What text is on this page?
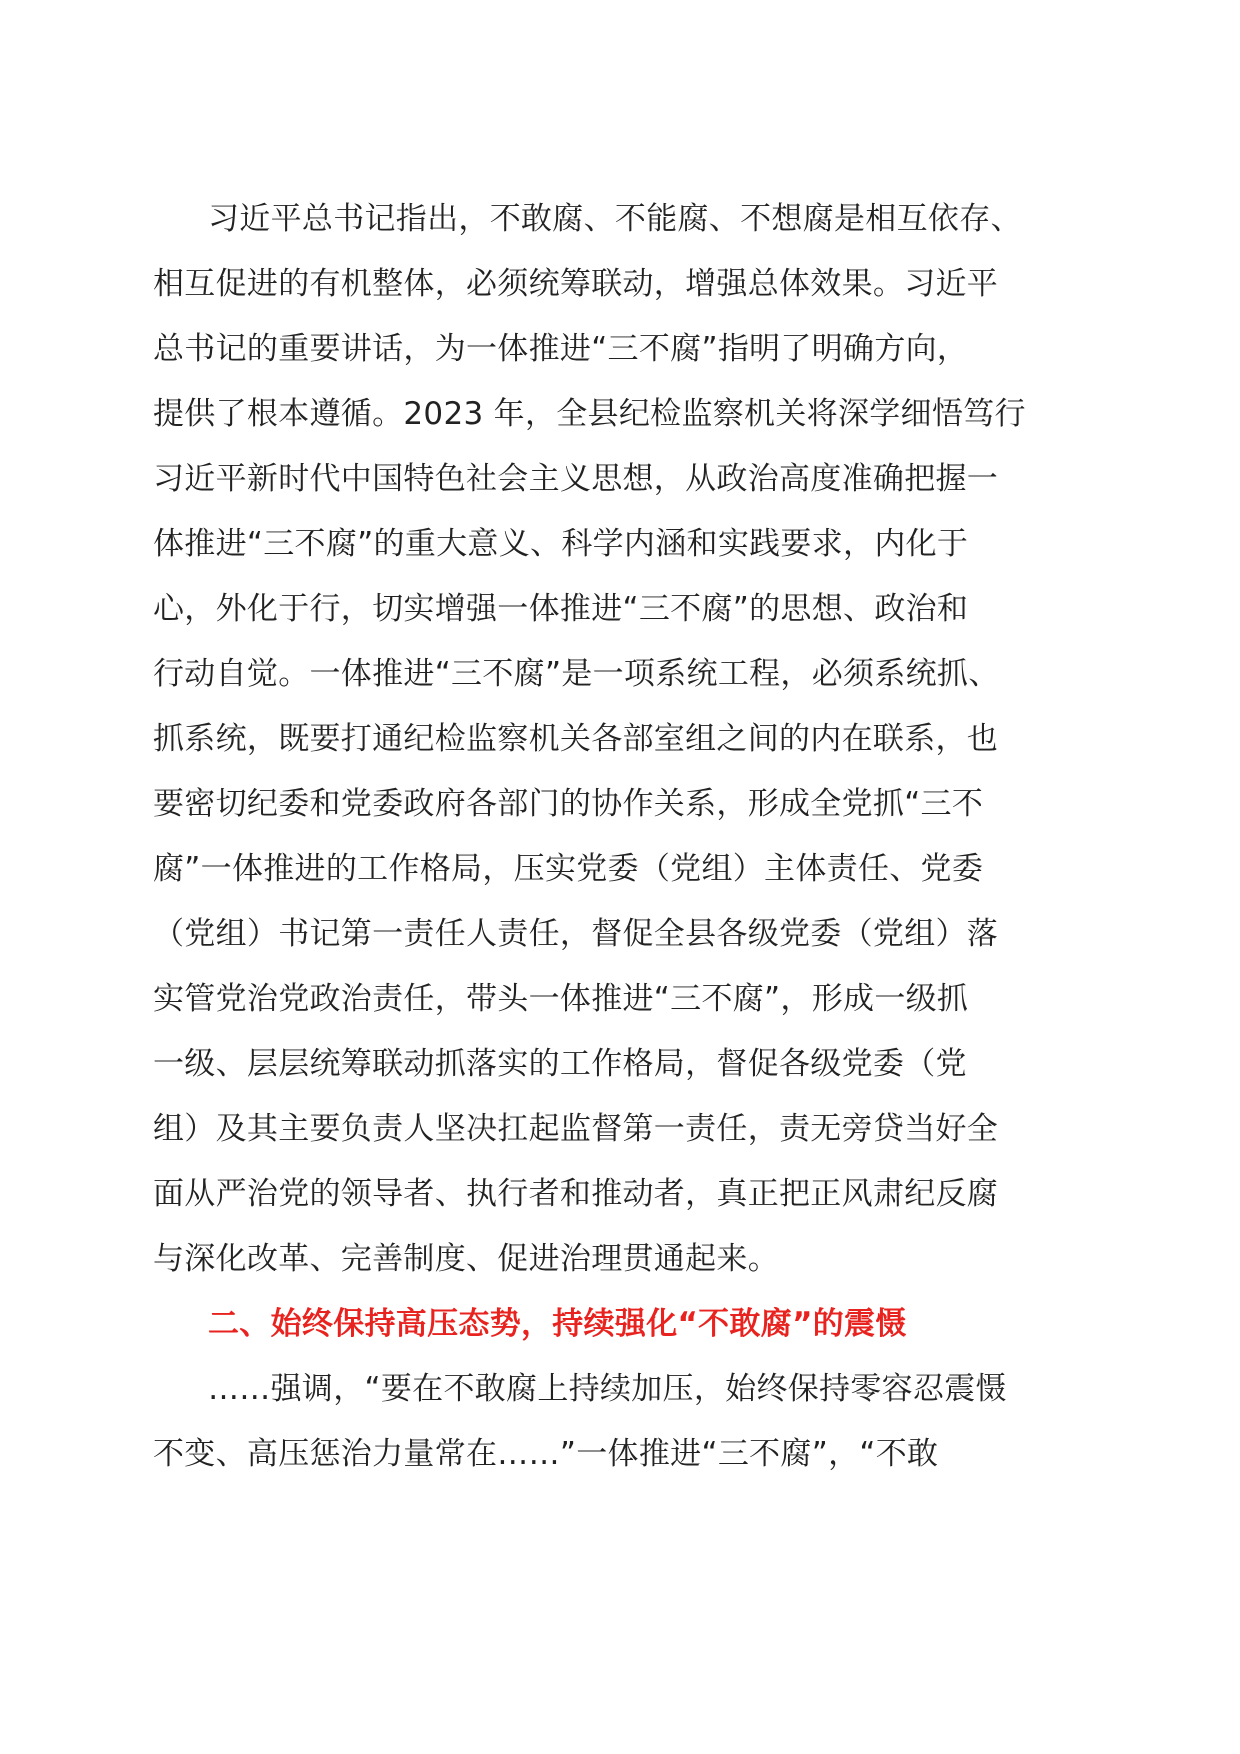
习近平总书记指出，不敢腐、不能腐、不想腐是相互依存、
相互促进的有机整体，必须统筹联动，增强总体效果。习近平
总书记的重要讲话，为一体推进“三不腐”指明了明确方向，
提供了根本遵循。2023 年，全县纪检监察机关将深学细悟笃行
习近平新时代中国特色社会主义思想，从政治高度准确把握一
体推进“三不腐”的重大意义、科学内涵和实践要求，内化于
心，外化于行，切实增强一体推进“三不腐”的思想、政治和
行动自觉。一体推进“三不腐”是一项系统工程，必须系统抓、
抓系统，既要打通纪检监察机关各部室组之间的内在联系，也
要密切纪委和党委政府各部门的协作关系，形成全党抓“三不
腐”一体推进的工作格局，压实党委（党组）主体责任、党委
（党组）书记第一责任人责任，督促全县各级党委（党组）落
实管党治党政治责任，带头一体推进“三不腐”，形成一级抓
一级、层层统筹联动抓落实的工作格局，督促各级党委（党
组）及其主要负责人坚决扛起监督第一责任，责无旁贷当好全
面从严治党的领导者、执行者和推动者，真正把正风肃纪反腐
与深化改革、完善制度、促进治理贯通起来。
二、始终保持高压态势，持续强化“不敢腐”的震慑
……强调，“要在不敢腐上持续加压，始终保持零容忍震慑
不变、高压惩治力量常在……”一体推进“三不腐”，“不敢
